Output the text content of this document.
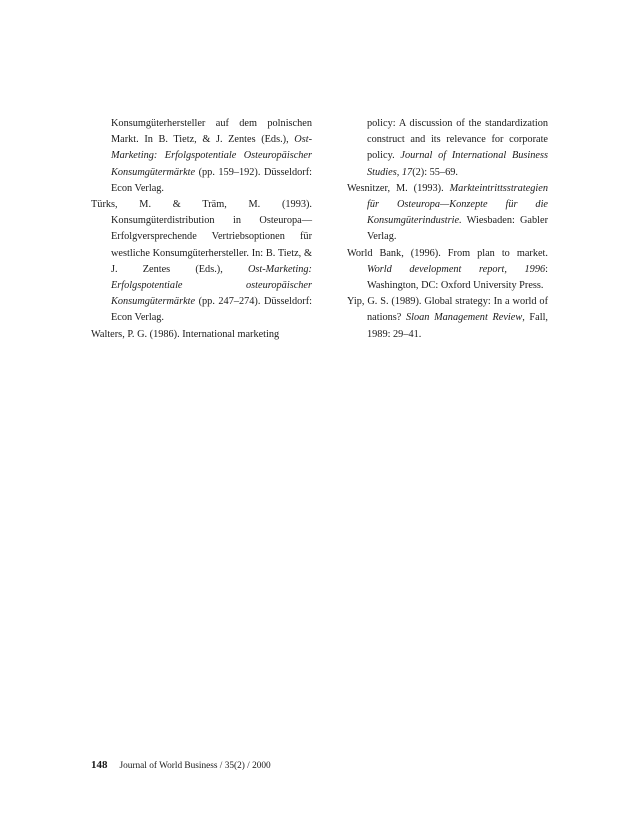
Konsumgüterhersteller auf dem polnischen Markt. In B. Tietz, & J. Zentes (Eds.), Ost-Marketing: Erfolgspotentiale Osteuropäischer Konsumgütermärkte (pp. 159–192). Düsseldorf: Econ Verlag.

Türks, M. & Träm, M. (1993). Konsumgüterdistribution in Osteuropa—Erfolgversprechende Vertriebsoptionen für westliche Konsumgüterhersteller. In: B. Tietz, & J. Zentes (Eds.), Ost-Marketing: Erfolgspotentiale osteuropäischer Konsumgütermärkte (pp. 247–274). Düsseldorf: Econ Verlag.

Walters, P. G. (1986). International marketing

policy: A discussion of the standardization construct and its relevance for corporate policy. Journal of International Business Studies, 17(2): 55–69.

Wesnitzer, M. (1993). Markteintrittsstrategien für Osteuropa—Konzepte für die Konsumgüterindustrie. Wiesbaden: Gabler Verlag.

World Bank, (1996). From plan to market. World development report, 1996: Washington, DC: Oxford University Press.

Yip, G. S. (1989). Global strategy: In a world of nations? Sloan Management Review, Fall, 1989: 29–41.

148 Journal of World Business / 35(2) / 2000
